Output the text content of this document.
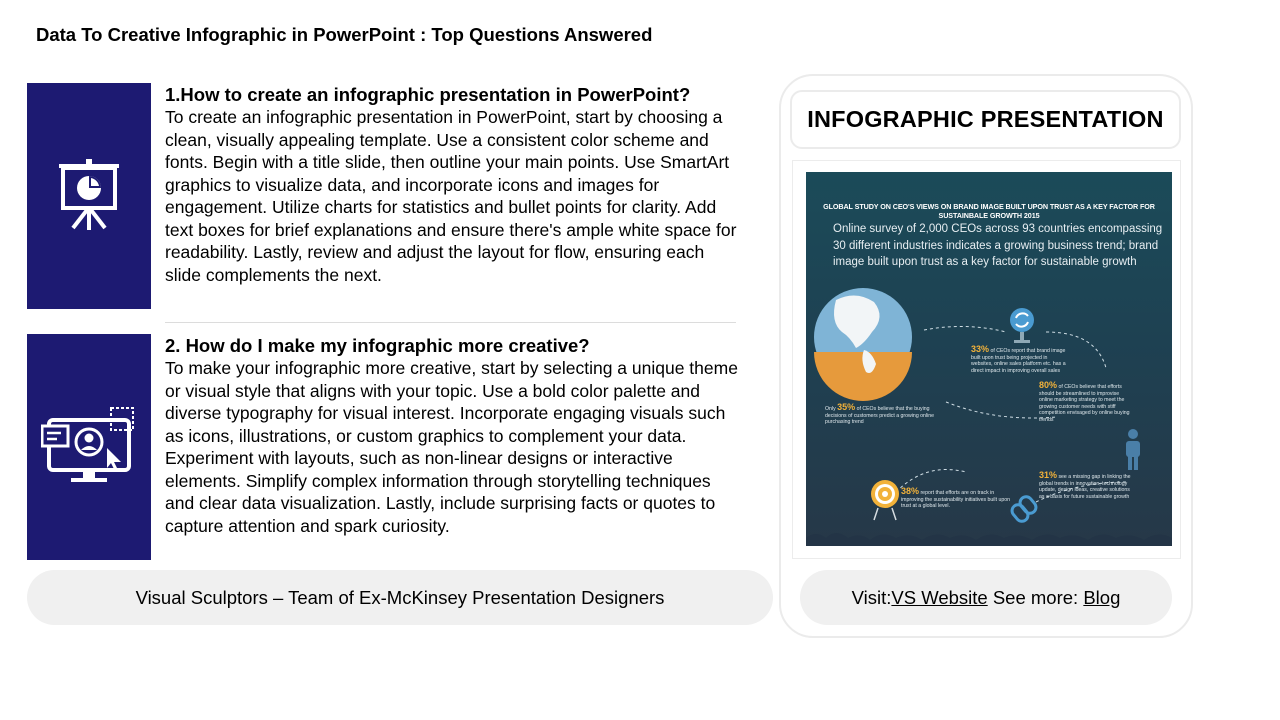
Data To Creative Infographic in PowerPoint : Top Questions Answered
1.How to create an infographic presentation in PowerPoint?

To create an infographic presentation in PowerPoint, start by choosing a clean, visually appealing template. Use a consistent color scheme and fonts. Begin with a title slide, then outline your main points. Use SmartArt graphics to visualize data, and incorporate icons and images for engagement. Utilize charts for statistics and bullet points for clarity. Add text boxes for brief explanations and ensure there's ample white space for readability. Lastly, review and adjust the layout for flow, ensuring each slide complements the next.

2. How do I make my infographic more creative?

To make your infographic more creative, start by selecting a unique theme or visual style that aligns with your topic. Use a bold color palette and diverse typography for visual interest. Incorporate engaging visuals such as icons, illustrations, or custom graphics to complement your data. Experiment with layouts, such as non-linear designs or interactive elements. Simplify complex information through storytelling techniques and clear data visualization. Lastly, include surprising facts or quotes to capture attention and spark curiosity.

Visual Sculptors – Team of Ex-McKinsey Presentation Designers
INFOGRAPHIC PRESENTATION
GLOBAL STUDY ON CEO'S VIEWS ON BRAND IMAGE BUILT UPON TRUST AS A KEY FACTOR FOR SUSTAINBALE GROWTH 2015
Online survey of 2,000 CEOs across 93 countries encompassing 30 different industries indicates a growing business trend; brand image built upon trust as a key factor for sustainable growth
33% of CEOs report that brand image built upon trust being projected in websites, online sales platform etc. has a direct impact in improving overall sales
80% of CEOs believe that efforts should be streamlined to improvise online marketing strategy to meet the growing customer needs with stiff competition envisaged by online buying trends
Only 35% of CEOs believe that the buying decisions of customers predict a growing online purchasing trend
31% see a missing gap in linking the global trends in innovation, technology update, design ideas, creative solutions as a basis for future sustainable growth
38% report that efforts are on track in improving the sustainability initiatives built upon trust at a global level.
Visit: VS Website See more: Blog
